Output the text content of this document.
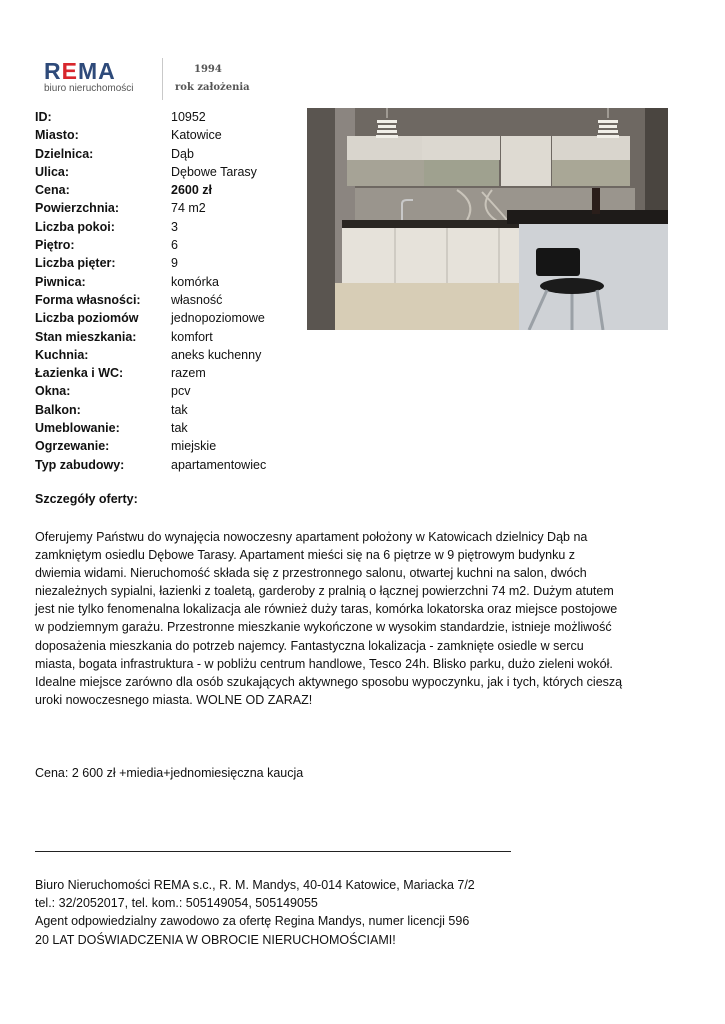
REMA
biuro nieruchomości
1994
rok założenia
ID:	10952
Miasto:	Katowice
Dzielnica:	Dąb
Ulica:	Dębowe Tarasy
Cena:	2600 zł
Powierzchnia:	74 m2
Liczba pokoi:	3
Piętro:	6
Liczba pięter:	9
Piwnica:	komórka
Forma własności: własność
Liczba poziomów	jednopoziomowe
Stan mieszkania:	komfort
Kuchnia:	aneks kuchenny
Łazienka i WC:	razem
Okna:	pcv
Balkon:	tak
Umeblowanie:	tak
Ogrzewanie:	miejskie
Typ zabudowy:	apartamentowiec
Szczegóły oferty:
Oferujemy Państwu do wynajęcia nowoczesny apartament położony w Katowicach dzielnicy Dąb na
zamkniętym osiedlu Dębowe Tarasy. Apartament mieści się na 6 piętrze w 9 piętrowym budynku z
dwiemia widami. Nieruchomość składa się z przestronnego salonu, otwartej kuchni na salon, dwóch
niezależnych sypialni, łazienki z toaletą, garderoby z pralnią o łącznej powierzchni 74 m2. Dużym atutem
jest nie tylko fenomenalna lokalizacja ale również duży taras, komórka lokatorska oraz miejsce postojowe
w podziemnym garażu. Przestronne mieszkanie wykończone w wysokim standardzie, istnieje możliwość
doposażenia mieszkania do potrzeb najemcy. Fantastyczna lokalizacja - zamknięte osiedle w sercu
miasta, bogata infrastruktura - w pobliżu centrum handlowe, Tesco 24h. Blisko parku, dużo zieleni wokół.
Idealne miejsce zarówno dla osób szukających aktywnego sposobu wypoczynku, jak i tych, których cieszą
uroki nowoczesnego miasta. WOLNE OD ZARAZ!
Cena: 2 600 zł +miedia+jednomiesięczna kaucja
Biuro Nieruchomości REMA s.c., R. M. Mandys, 40-014 Katowice, Mariacka 7/2
tel.: 32/2052017, tel. kom.: 505149054, 505149055
Agent odpowiedzialny zawodowo za ofertę Regina Mandys, numer licencji 596
20 LAT DOŚWIADCZENIA W OBROCIE NIERUCHOMOŚCIAMI!
